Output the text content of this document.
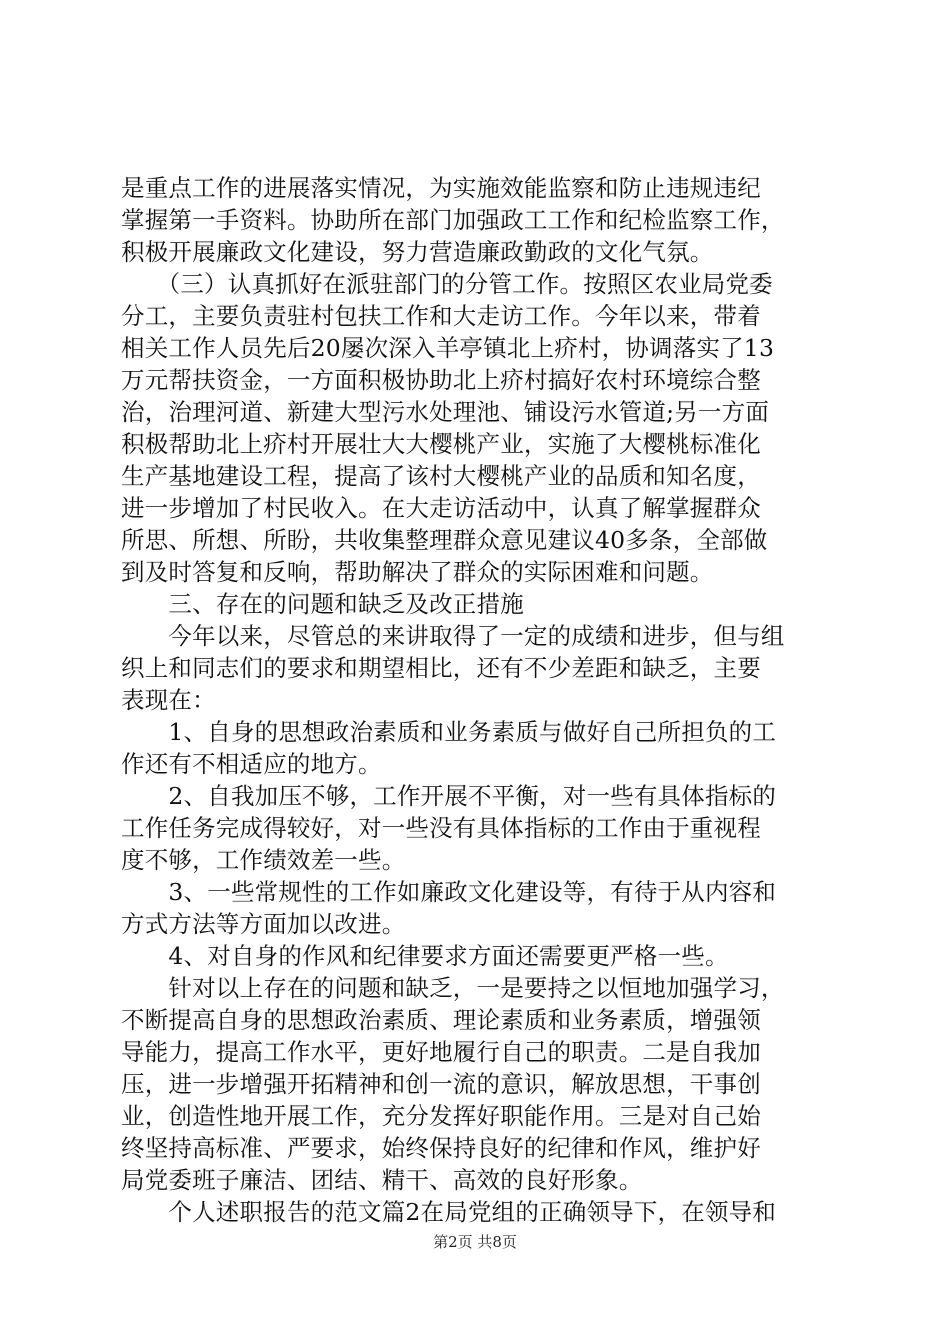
是重点工作的进展落实情况，为实施效能监察和防止违规违纪
掌握第一手资料。协助所在部门加强政工工作和纪检监察工作，
积极开展廉政文化建设，努力营造廉政勤政的文化气氛。
　　（三）认真抓好在派驻部门的分管工作。按照区农业局党委
分工，主要负责驻村包扶工作和大走访工作。今年以来，带着
相关工作人员先后20屡次深入羊亭镇北上疥村，协调落实了13
万元帮扶资金，一方面积极协助北上疥村搞好农村环境综合整
治，治理河道、新建大型污水处理池、铺设污水管道;另一方面
积极帮助北上疥村开展壮大大樱桃产业，实施了大樱桃标准化
生产基地建设工程，提高了该村大樱桃产业的品质和知名度，
进一步增加了村民收入。在大走访活动中，认真了解掌握群众
所思、所想、所盼，共收集整理群众意见建议40多条，全部做
到及时答复和反响，帮助解决了群众的实际困难和问题。
　　三、存在的问题和缺乏及改正措施
　　今年以来，尽管总的来讲取得了一定的成绩和进步，但与组
织上和同志们的要求和期望相比，还有不少差距和缺乏，主要
表现在：
　　1、自身的思想政治素质和业务素质与做好自己所担负的工
作还有不相适应的地方。
　　2、自我加压不够，工作开展不平衡，对一些有具体指标的
工作任务完成得较好，对一些没有具体指标的工作由于重视程
度不够，工作绩效差一些。
　　3、一些常规性的工作如廉政文化建设等，有待于从内容和
方式方法等方面加以改进。
　　4、对自身的作风和纪律要求方面还需要更严格一些。
　　针对以上存在的问题和缺乏，一是要持之以恒地加强学习，
不断提高自身的思想政治素质、理论素质和业务素质，增强领
导能力，提高工作水平，更好地履行自己的职责。二是自我加
压，进一步增强开拓精神和创一流的意识，解放思想，干事创
业，创造性地开展工作，充分发挥好职能作用。三是对自己始
终坚持高标准、严要求，始终保持良好的纪律和作风，维护好
局党委班子廉洁、团结、精干、高效的良好形象。
　　个人述职报告的范文篇2在局党组的正确领导下，在领导和
第2页 共8页
